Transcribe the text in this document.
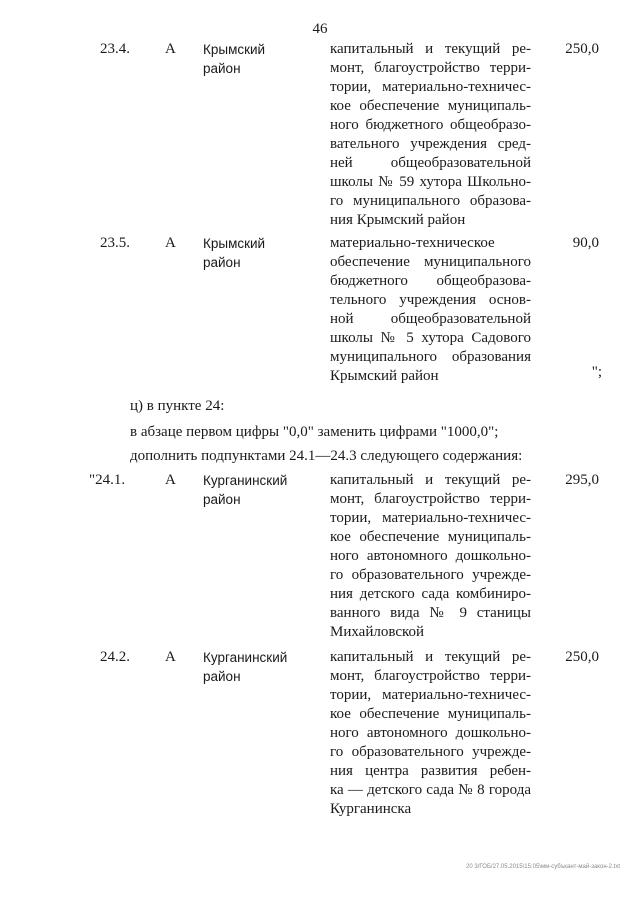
46
23.4. А Крымский
район
капитальный и текущий ре-
монт, благоустройство терри-
тории, материально-техничес-
кое обеспечение муниципаль-
ного бюджетного общеобразо-
вательного учреждения сред-
ней общеобразовательной
школы № 59 хутора Школьно-
го муниципального образова-
ния Крымский район
250,0
23.5. А Крымский
район
материально-техническое
обеспечение муниципального
бюджетного общеобразова-
тельного учреждения основ-
ной общеобразовательной
школы № 5 хутора Садового
муниципального образования
Крымский район
90,0
";
ц) в пункте 24:
в абзаце первом цифры "0,0" заменить цифрами "1000,0";
дополнить подпунктами 24.1—24.3 следующего содержания:
"24.1.	А Курганинский
район
капитальный и текущий ре-
монт, благоустройство терри-
тории, материально-техничес-
кое обеспечение муниципаль-
ного автономного дошкольно-
го образовательного учрежде-
ния детского сада комбиниро-
ванного вида № 9 станицы
Михайловской
295,0
24.2. А Курганинский
район
капитальный и текущий ре-
монт, благоустройство терри-
тории, материально-техничес-
кое обеспечение муниципаль-
ного автономного дошкольно-
го образовательного учрежде-
ния центра развития ребен-
ка — детского сада № 8 города
Курганинска
250,0
20 3/ГОБ/27.05.2015\15:05\мм-субъкант-май-закон-2.txt
